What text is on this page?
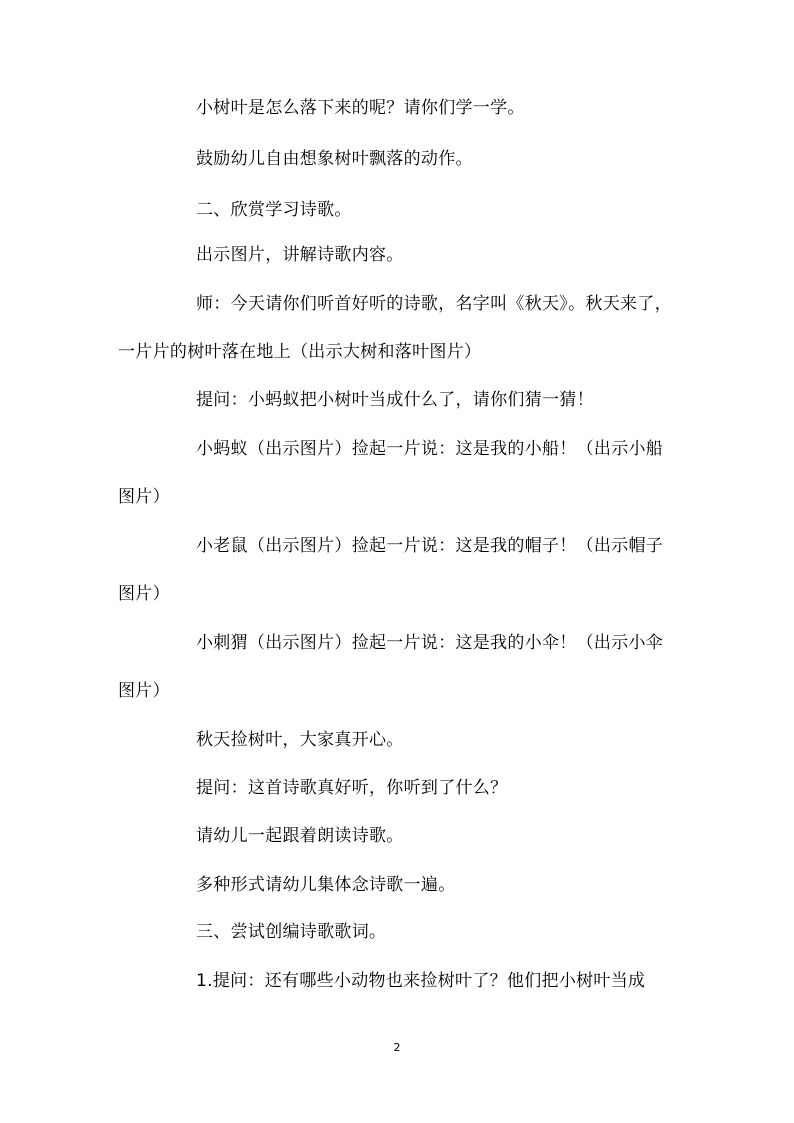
小树叶是怎么落下来的呢？请你们学一学。

鼓励幼儿自由想象树叶飘落的动作。

二、欣赏学习诗歌。

出示图片，讲解诗歌内容。

师：今天请你们听首好听的诗歌，名字叫《秋天》。秋天来了，一片片的树叶落在地上（出示大树和落叶图片）

提问：小蚂蚁把小树叶当成什么了，请你们猜一猜！

小蚂蚁（出示图片）捡起一片说：这是我的小船！（出示小船图片）

小老鼠（出示图片）捡起一片说：这是我的帽子！（出示帽子图片）

小刺猬（出示图片）捡起一片说：这是我的小伞！（出示小伞图片）

秋天捡树叶，大家真开心。

提问：这首诗歌真好听，你听到了什么？

请幼儿一起跟着朗读诗歌。

多种形式请幼儿集体念诗歌一遍。

三、尝试创编诗歌歌词。

1.提问：还有哪些小动物也来捡树叶了？他们把小树叶当成

2
